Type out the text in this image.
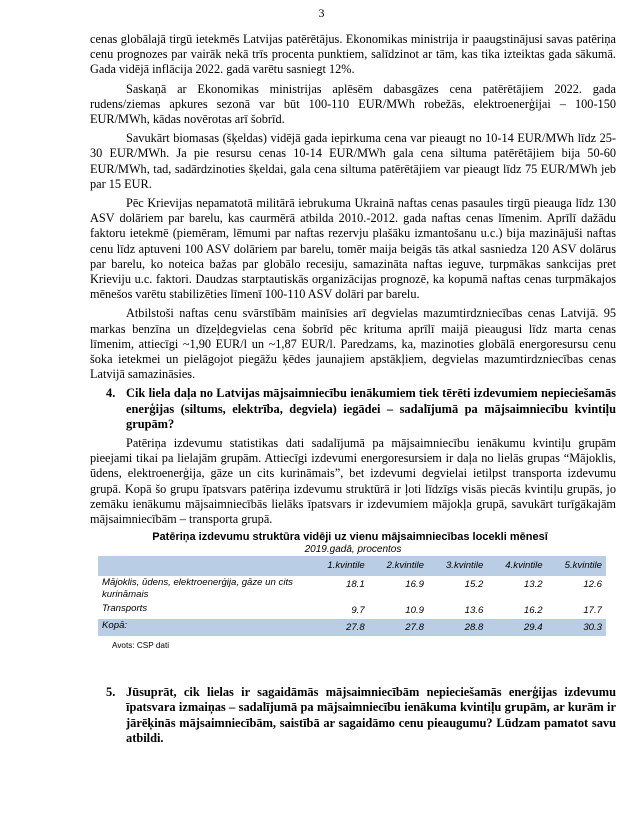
3

cenas globālajā tirgū ietekmēs Latvijas patērētājus. Ekonomikas ministrija ir paaugstinājusi savas patēriņa cenu prognozes par vairāk nekā trīs procenta punktiem, salīdzinot ar tām, kas tika izteiktas gada sākumā. Gada vidējā inflācija 2022. gadā varētu sasniegt 12%.

Saskaņā ar Ekonomikas ministrijas aplēsēm dabasgāzes cena patērētājiem 2022. gada rudens/ziemas apkures sezonā var būt 100-110 EUR/MWh robežās, elektroenerģijai – 100-150 EUR/MWh, kādas novērotas arī šobrīd.

Savukārt biomasas (šķeldas) vidējā gada iepirkuma cena var pieaugt no 10-14 EUR/MWh līdz 25-30 EUR/MWh. Ja pie resursu cenas 10-14 EUR/MWh gala cena siltuma patērētājiem bija 50-60 EUR/MWh, tad, sadārdzinoties šķeldai, gala cena siltuma patērētājiem var pieaugt līdz 75 EUR/MWh jeb par 15 EUR.

Pēc Krievijas nepamatotā militārā iebrukuma Ukrainā naftas cenas pasaules tirgū pieauga līdz 130 ASV dolāriem par barelu, kas caurmērā atbilda 2010.-2012. gada naftas cenas līmenim. Aprīlī dažādu faktoru ietekmē (piemēram, lēmumi par naftas rezervju plašāku izmantošanu u.c.) bija mazinājuši naftas cenu līdz aptuveni 100 ASV dolāriem par barelu, tomēr maija beigās tās atkal sasniedza 120 ASV dolārus par barelu, ko noteica bažas par globālo recesiju, samazināta naftas ieguve, turpmākas sankcijas pret Krieviju u.c. faktori. Daudzas starptautiskās organizācijas prognozē, ka kopumā naftas cenas turpmākajos mēnešos varētu stabilizēties līmenī 100-110 ASV dolāri par barelu.

Atbilstoši naftas cenu svārstībām mainīsies arī degvielas mazumtirdzniecības cenas Latvijā. 95 markas benzīna un dīzeļdegvielas cena šobrīd pēc krituma aprīlī maijā pieaugusi līdz marta cenas līmenim, attiecīgi ~1,90 EUR/l un ~1,87 EUR/l. Paredzams, ka, mazinoties globālā energoresursu cenu šoka ietekmei un pielāgojot piegāžu ķēdes jaunajiem apstākļiem, degvielas mazumtirdzniecības cenas Latvijā samazināsies.

4. Cik liela daļa no Latvijas mājsaimniecību ienākumiem tiek tērēti izdevumiem nepieciešamās enerģijas (siltums, elektrība, degviela) iegādei – sadalījumā pa mājsaimniecību kvintiļu grupām?

Patēriņa izdevumu statistikas dati sadalījumā pa mājsaimniecību ienākumu kvintiļu grupām pieejami tikai pa lielajām grupām. Attiecīgi izdevumi energoresursiem ir daļa no lielās grupas “Mājoklis, ūdens, elektroenerģija, gāze un cits kurināmais”, bet izdevumi degvielai ietilpst transporta izdevumu grupā. Kopā šo grupu īpatsvars patēriņa izdevumu struktūrā ir ļoti līdzīgs visās piecās kvintiļu grupās, jo zemāku ienākumu mājsaimniecībās lielāks īpatsvars ir izdevumiem mājokļa grupā, savukārt turīgākajām mājsaimniecībām – transporta grupā.

Patēriņa izdevumu struktūra vidēji uz vienu mājsaimniecības locekli mēnesī
2019.gadā, procentos
	1.kvintile	2.kvintile	3.kvintile	4.kvintile	5.kvintile
Mājoklis, ūdens, elektroenerģija, gāze un cits kurināmais	18.1	16.9	15.2	13.2	12.6
Transports	9.7	10.9	13.6	16.2	17.7
Kopā:	27.8	27.8	28.8	29.4	30.3
Avots: CSP dati
5. Jūsuprāt, cik lielas ir sagaidāmās mājsaimniecībām nepieciešamās enerģijas izdevumu īpatsvara izmaiņas – sadalījumā pa mājsaimniecību ienākuma kvintiļu grupām, ar kurām ir jārēķinās mājsaimniecībām, saistībā ar sagaidāmo cenu pieaugumu? Lūdzam pamatot savu atbildi.
